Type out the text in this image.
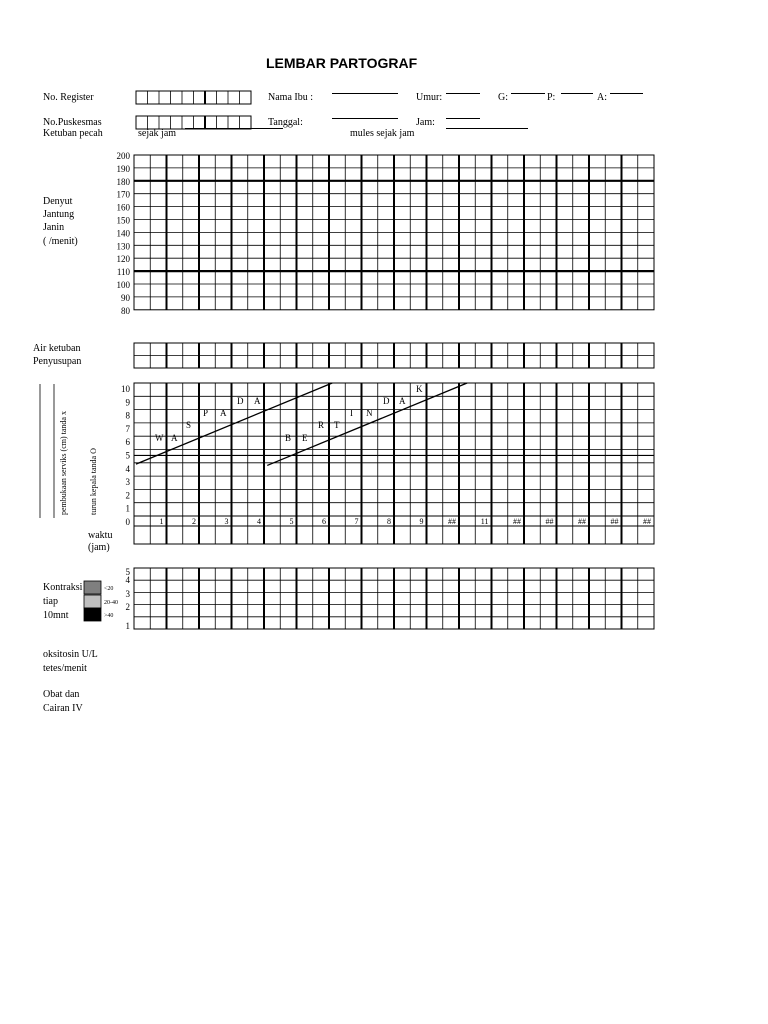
LEMBAR PARTOGRAF
No. Register	Nama Ibu :	Umur:	G:	P:	A:
No.Puskesmas	Tanggal:	Jam:
Ketuban pecah	sejak jam	mules sejak jam
Denyut
Jantung
Janin
( /menit)
Air ketuban
Penyusupan
waktu
(jam)
Kontraksi
tiap
10mnt
oksitosin U/L
tetes/menit
Obat dan
Cairan IV
200
190
180
170
160
150
140
130
120
110
100
90
80
10
9
8
7
6
5
4
3
2
1
0	1	2	3	4	5	6	7	8	9	##	11	##	##	##	##	##
W A
S
P A
D A
B E
R T
I N
D A
K
pembukaan serviks (cm) tanda x	turun kepala tanda O
5
4
3
2
1
<20
20-40
>40
